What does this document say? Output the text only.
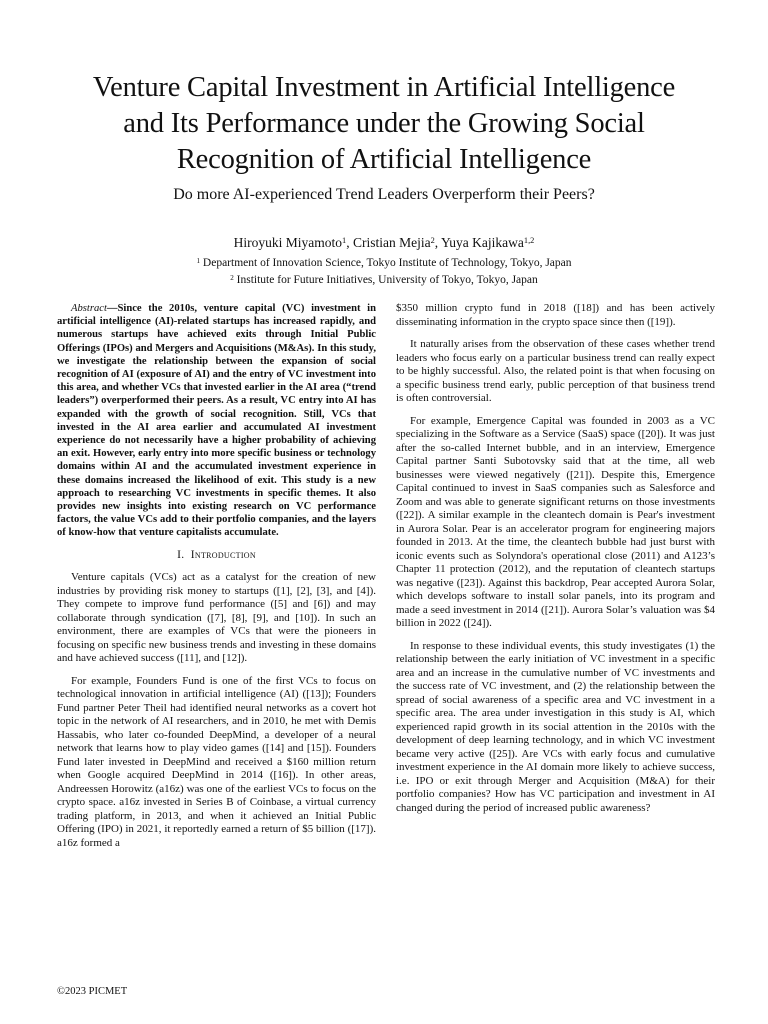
Venture Capital Investment in Artificial Intelligence
and Its Performance under the Growing Social
Recognition of Artificial Intelligence
Do more AI-experienced Trend Leaders Overperform their Peers?
Hiroyuki Miyamoto$^1$, Cristian Mejia$^2$, Yuya Kajikawa$^{1,2}$
$^1$ Department of Innovation Science, Tokyo Institute of Technology, Tokyo, Japan
$^2$ Institute for Future Initiatives, University of Tokyo, Tokyo, Japan

Abstract—Since the 2010s, venture capital (VC) investment in artificial intelligence (AI)-related startups has increased rapidly, and numerous startups have achieved exits through Initial Public Offerings (IPOs) and Mergers and Acquisitions (M&As). In this study, we investigate the relationship between the expansion of social recognition of AI (exposure of AI) and the entry of VC investment into this area, and whether VCs that invested earlier in the AI area (“trend leaders”) overperformed their peers. As a result, VC entry into AI has expanded with the growth of social recognition. Still, VCs that invested in the AI area earlier and accumulated AI investment experience do not necessarily have a higher probability of achieving an exit. However, early entry into more specific business or technology domains within AI and the accumulated investment experience in these domains increased the likelihood of exit. This study is a new approach to researching VC investments in specific themes. It also provides new insights into existing research on VC performance factors, the value VCs add to their portfolio companies, and the layers of know-how that venture capitalists accumulate.

I. Introduction

Venture capitals (VCs) act as a catalyst for the creation of new industries by providing risk money to startups ([1], [2], [3], and [4]). They compete to improve fund performance ([5] and [6]) and may collaborate through syndication ([7], [8], [9], and [10]). In such an environment, there are examples of VCs that were the pioneers in focusing on specific new business trends and investing in these domains and have achieved success ([11], and [12]).

For example, Founders Fund is one of the first VCs to focus on technological innovation in artificial intelligence (AI) ([13]); Founders Fund partner Peter Theil had identified neural networks as a covert hot topic in the network of AI researchers, and in 2010, he met with Demis Hassabis, who later co-founded DeepMind, a developer of a neural network that learns how to play video games ([14] and [15]). Founders Fund later invested in DeepMind and received a $160 million return when Google acquired DeepMind in 2014 ([16]). In other areas, Andreessen Horowitz (a16z) was one of the earliest VCs to focus on the crypto space. a16z invested in Series B of Coinbase, a virtual currency trading platform, in 2013, and when it achieved an Initial Public Offering (IPO) in 2021, it reportedly earned a return of $5 billion ([17]). a16z formed a

$350 million crypto fund in 2018 ([18]) and has been actively disseminating information in the crypto space since then ([19]).

It naturally arises from the observation of these cases whether trend leaders who focus early on a particular business trend can really expect to be highly successful. Also, the related point is that when focusing on a specific business trend early, public perception of that business trend is often controversial.

For example, Emergence Capital was founded in 2003 as a VC specializing in the Software as a Service (SaaS) space ([20]). It was just after the so-called Internet bubble, and in an interview, Emergence Capital partner Santi Subotovsky said that at the time, all web businesses were viewed negatively ([21]). Despite this, Emergence Capital continued to invest in SaaS companies such as Salesforce and Zoom and was able to generate significant returns on those investments ([22]). A similar example in the cleantech domain is Pear's investment in Aurora Solar. Pear is an accelerator program for engineering majors founded in 2013. At the time, the cleantech bubble had just burst with iconic events such as Solyndora's operational close (2011) and A123’s Chapter 11 protection (2012), and the reputation of cleantech startups was negative ([23]). Against this backdrop, Pear accepted Aurora Solar, which develops software to install solar panels, into its program and made a seed investment in 2014 ([21]). Aurora Solar’s valuation was $4 billion in 2022 ([24]).

In response to these individual events, this study investigates (1) the relationship between the early initiation of VC investment in a specific area and an increase in the cumulative number of VC investments and the success rate of VC investment, and (2) the relationship between the spread of social awareness of a specific area and VC investment in a specific area. The area under investigation in this study is AI, which experienced rapid growth in its social attention in the 2010s with the development of deep learning technology, and in which VC investment became very active ([25]). Are VCs with early focus and cumulative investment experience in the AI domain more likely to achieve success, i.e. IPO or exit through Merger and Acquisition (M&A) for their portfolio companies? How has VC participation and investment in AI changed during the period of increased public awareness?

©2023 PICMET
